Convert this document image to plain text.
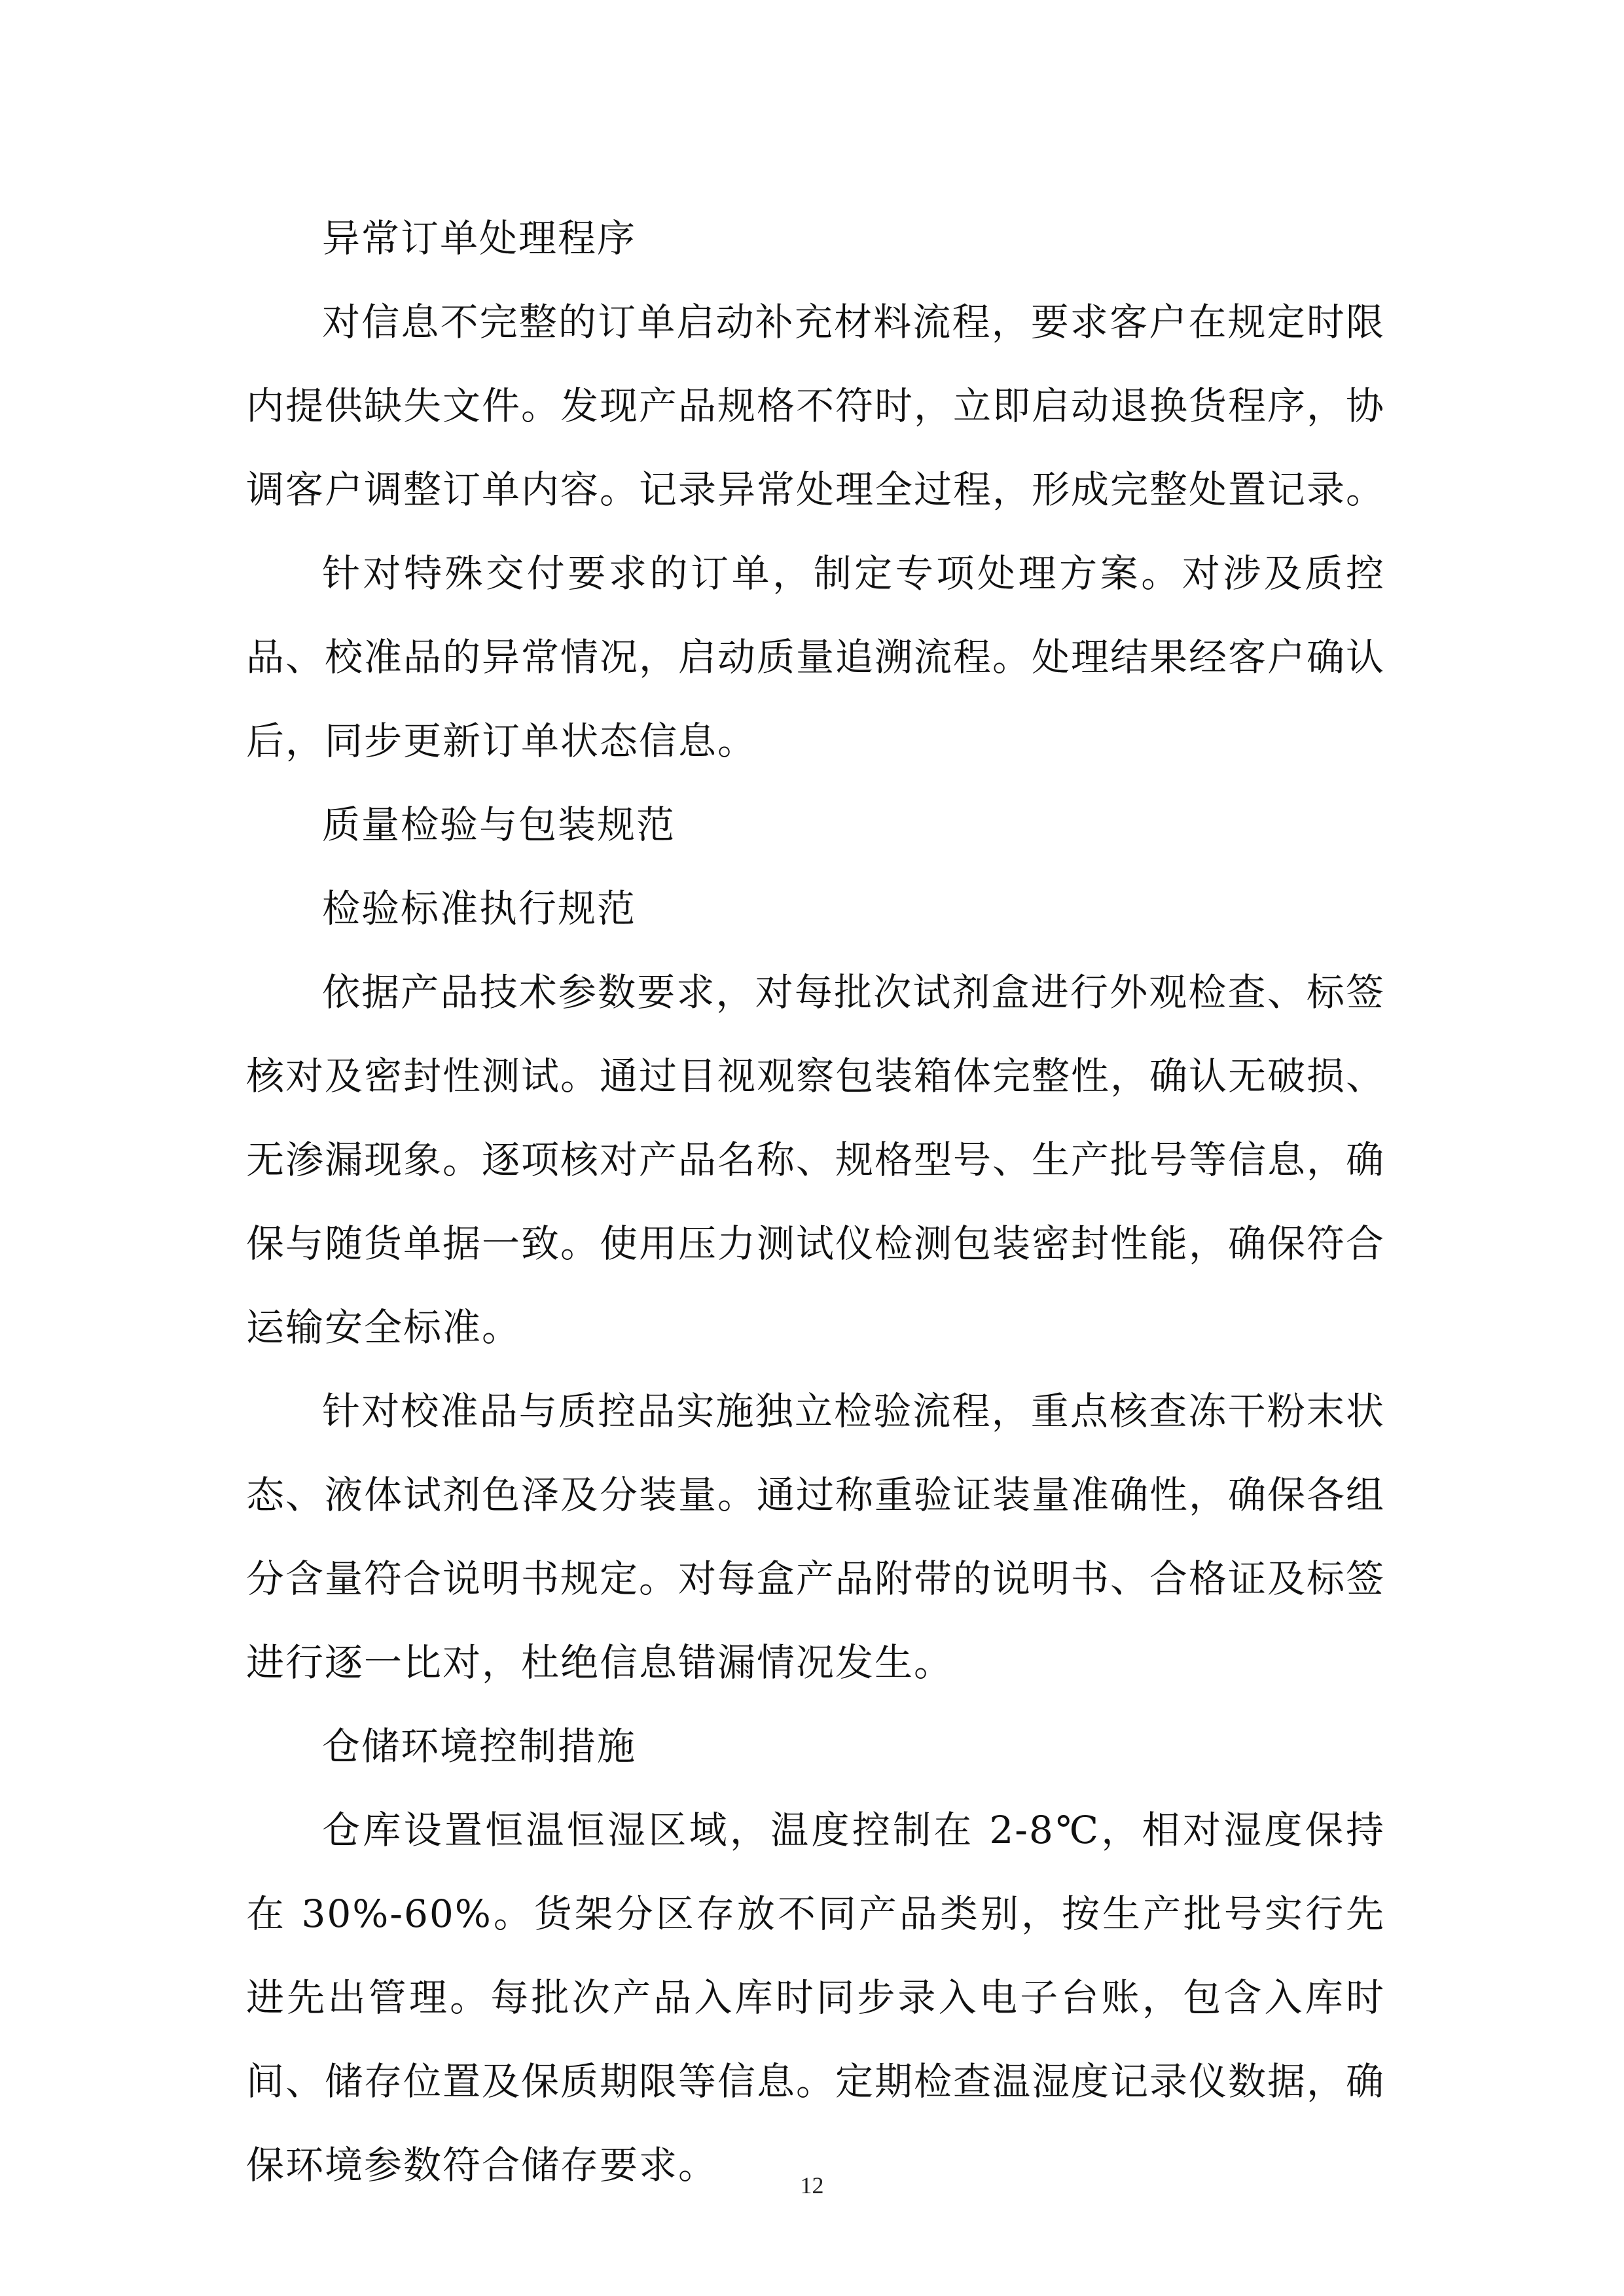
异常订单处理程序

对信息不完整的订单启动补充材料流程，要求客户在规定时限内提供缺失文件。发现产品规格不符时，立即启动退换货程序，协调客户调整订单内容。记录异常处理全过程，形成完整处置记录。

针对特殊交付要求的订单，制定专项处理方案。对涉及质控品、校准品的异常情况，启动质量追溯流程。处理结果经客户确认后，同步更新订单状态信息。

质量检验与包装规范

检验标准执行规范

依据产品技术参数要求，对每批次试剂盒进行外观检查、标签核对及密封性测试。通过目视观察包装箱体完整性，确认无破损、无渗漏现象。逐项核对产品名称、规格型号、生产批号等信息，确保与随货单据一致。使用压力测试仪检测包装密封性能，确保符合运输安全标准。

针对校准品与质控品实施独立检验流程，重点核查冻干粉末状态、液体试剂色泽及分装量。通过称重验证装量准确性，确保各组分含量符合说明书规定。对每盒产品附带的说明书、合格证及标签进行逐一比对，杜绝信息错漏情况发生。

仓储环境控制措施

仓库设置恒温恒湿区域，温度控制在 2-8℃，相对湿度保持在 30%-60%。货架分区存放不同产品类别，按生产批号实行先进先出管理。每批次产品入库时同步录入电子台账，包含入库时间、储存位置及保质期限等信息。定期检查温湿度记录仪数据，确保环境参数符合储存要求。	12
